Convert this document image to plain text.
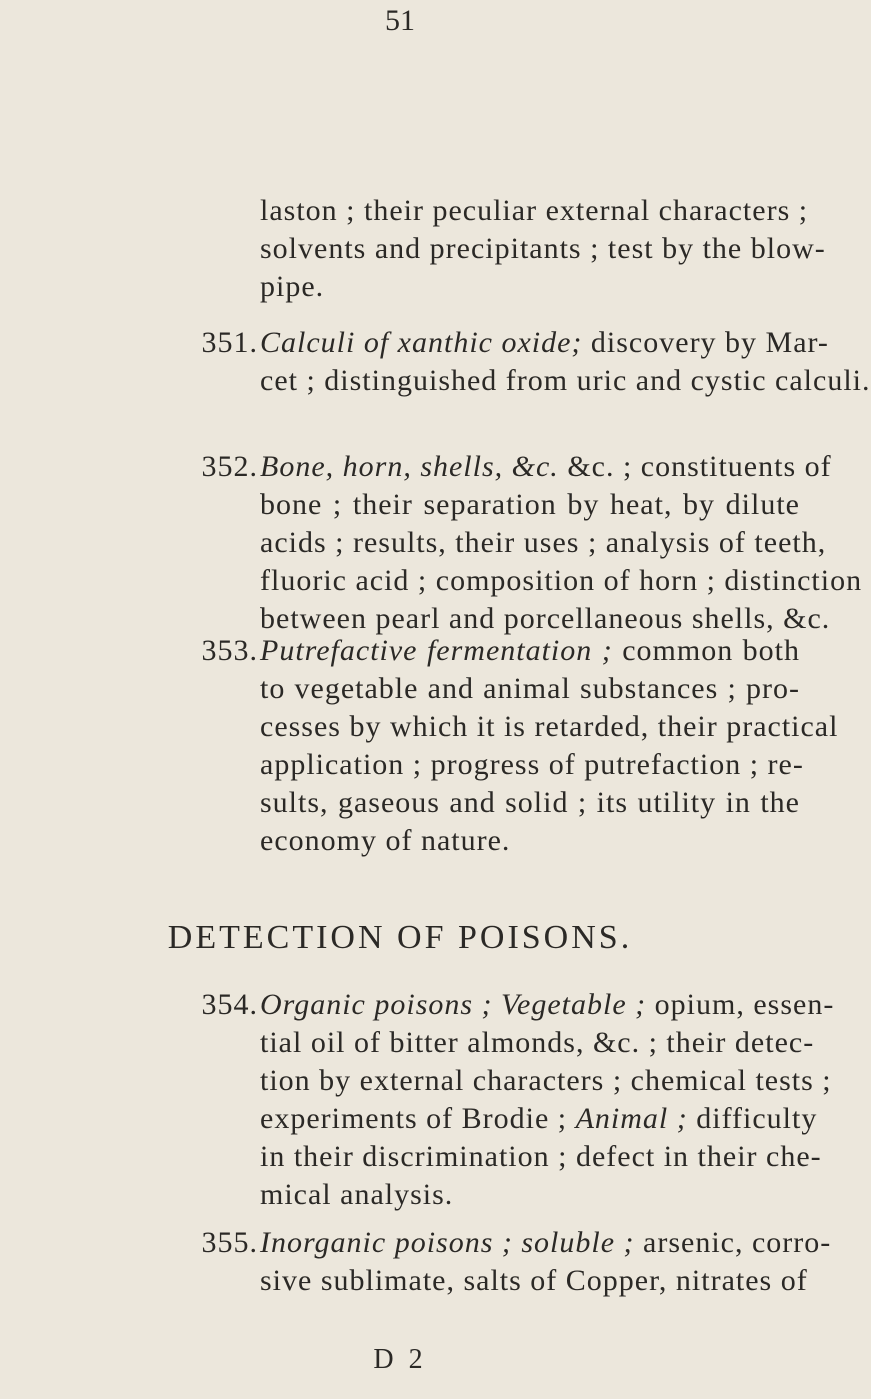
51
laston ; their peculiar external characters ;
solvents and precipitants ; test by the blow-
pipe.
351. Calculi of xanthic oxide; discovery by Mar-
cet ; distinguished from uric and cystic calculi.
352. Bone, horn, shells, &c. &c. ; constituents of
bone ; their separation by heat, by dilute
acids ; results, their uses ; analysis of teeth,
fluoric acid ; composition of horn ; distinction
between pearl and porcellaneous shells, &c.
353. Putrefactive fermentation ; common both
to vegetable and animal substances ; pro-
cesses by which it is retarded, their practical
application ; progress of putrefaction ; re-
sults, gaseous and solid ; its utility in the
economy of nature.
DETECTION OF POISONS.
354. Organic poisons ; Vegetable ; opium, essen-
tial oil of bitter almonds, &c. ; their detec-
tion by external characters ; chemical tests ;
experiments of Brodie ; Animal ; difficulty
in their discrimination ; defect in their che-
mical analysis.
355. Inorganic poisons ; soluble ; arsenic, corro-
sive sublimate, salts of Copper, nitrates of
D 2
